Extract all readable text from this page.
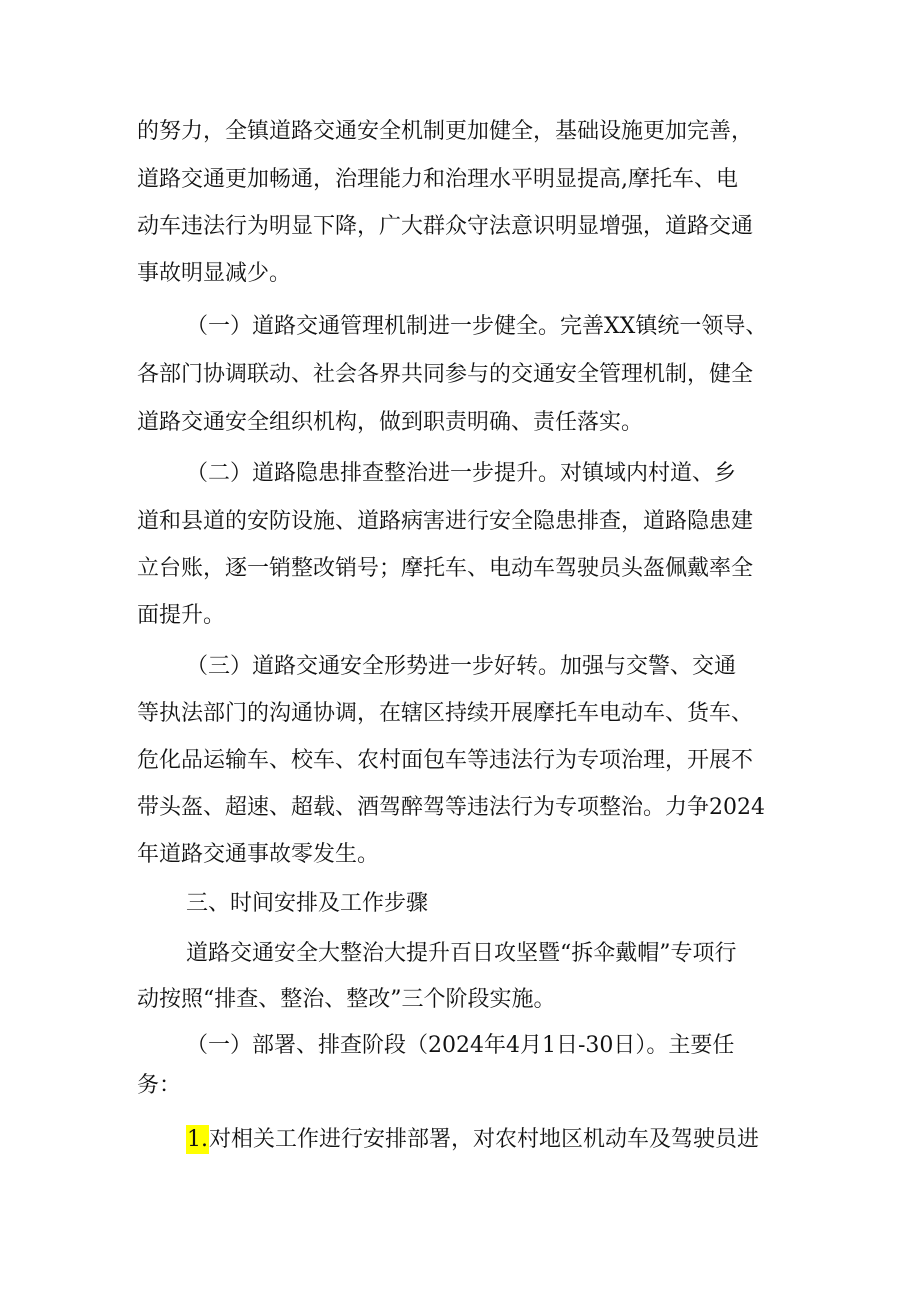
的努力，全镇道路交通安全机制更加健全，基础设施更加完善，
道路交通更加畅通，治理能力和治理水平明显提高,摩托车、电
动车违法行为明显下降，广大群众守法意识明显增强，道路交通
事故明显减少。
（一）道路交通管理机制进一步健全。完善XX镇统一领导、
各部门协调联动、社会各界共同参与的交通安全管理机制，健全
道路交通安全组织机构，做到职责明确、责任落实。
（二）道路隐患排查整治进一步提升。对镇域内村道、乡
道和县道的安防设施、道路病害进行安全隐患排查，道路隐患建
立台账，逐一销整改销号；摩托车、电动车驾驶员头盔佩戴率全
面提升。
（三）道路交通安全形势进一步好转。加强与交警、交通
等执法部门的沟通协调，在辖区持续开展摩托车电动车、货车、
危化品运输车、校车、农村面包车等违法行为专项治理，开展不
带头盔、超速、超载、酒驾醉驾等违法行为专项整治。力争2024
年道路交通事故零发生。
三、时间安排及工作步骤
道路交通安全大整治大提升百日攻坚暨“拆伞戴帽”专项行
动按照“排查、整治、整改”三个阶段实施。
（一）部署、排查阶段（2024年4月1日-30日）。主要任
务：
1.对相关工作进行安排部署，对农村地区机动车及驾驶员进
